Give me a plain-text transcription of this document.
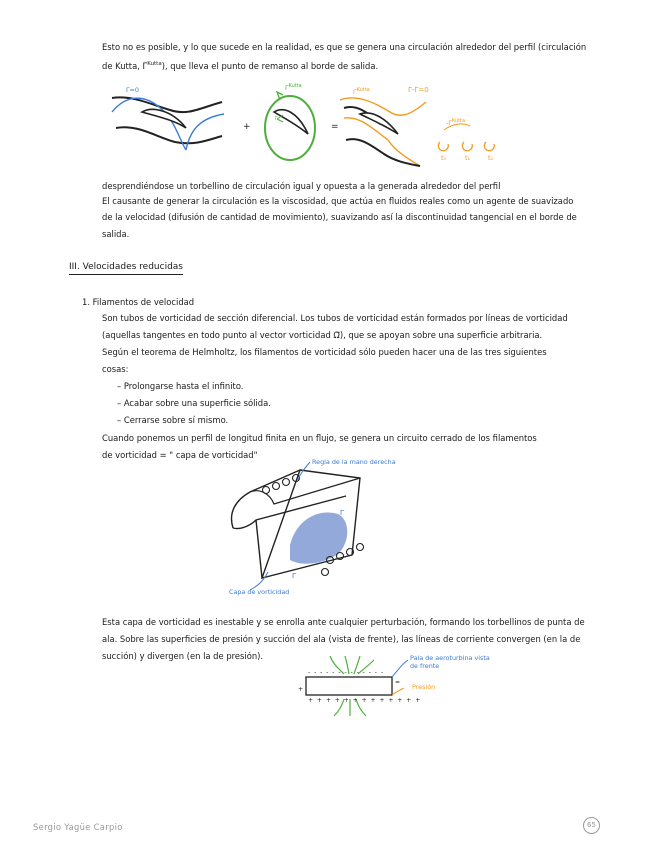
Esto no es posible, y lo que sucede en la realidad, es que se genera una circulación alrededor del perfil (circulación
de Kutta, $\Gamma^{Kutta}$), que lleva el punto de remanso al borde de salida.
+
Γ
=
Γ=0	$\Gamma^{Kutta}$
$\Gamma^{Kutta}$	Γ-Γ=0
$-\Gamma^{Kutta}$
t₀	t₁	t₂
desprendiéndose un torbellino de circulación igual y opuesta a la generada alrededor del perfil
El causante de generar la circulación es la viscosidad, que actúa en fluidos reales como un agente de suavizado
de la velocidad (difusión de cantidad de movimiento), suavizando así la discontinuidad tangencial en el borde de
salida.
III. Velocidades reducidas
1. Filamentos de velocidad
Son tubos de vorticidad de sección diferencial. Los tubos de vorticidad están formados por líneas de vorticidad
(aquellas tangentes en todo punto al vector vorticidad Ω⃗), que se apoyan sobre una superficie arbitraria.
Según el teorema de Helmholtz, los filamentos de vorticidad sólo pueden hacer una de las tres siguientes
cosas:
– Prolongarse hasta el infinito.
– Acabar sobre una superficie sólida.
– Cerrarse sobre sí mismo.
Cuando ponemos un perfil de longitud finita en un flujo, se genera un circuito cerrado de los filamentos
de vorticidad = " capa de vorticidad"
Γ
Γ
Regla de la mano derecha
Capa de vorticidad
Esta capa de vorticidad es inestable y se enrolla ante cualquier perturbación, formando los torbellinos de punta de
ala. Sobre las superficies de presión y succión del ala (vista de frente), las líneas de corriente convergen (en la de
succión) y divergen (en la de presión).
- - - - - - - - - - - - -
+ + + + + + + + + + + + +
=
+
Pala de aeroturbina vista
de frente
Presión
Sergio Yagüe Carpio	65
